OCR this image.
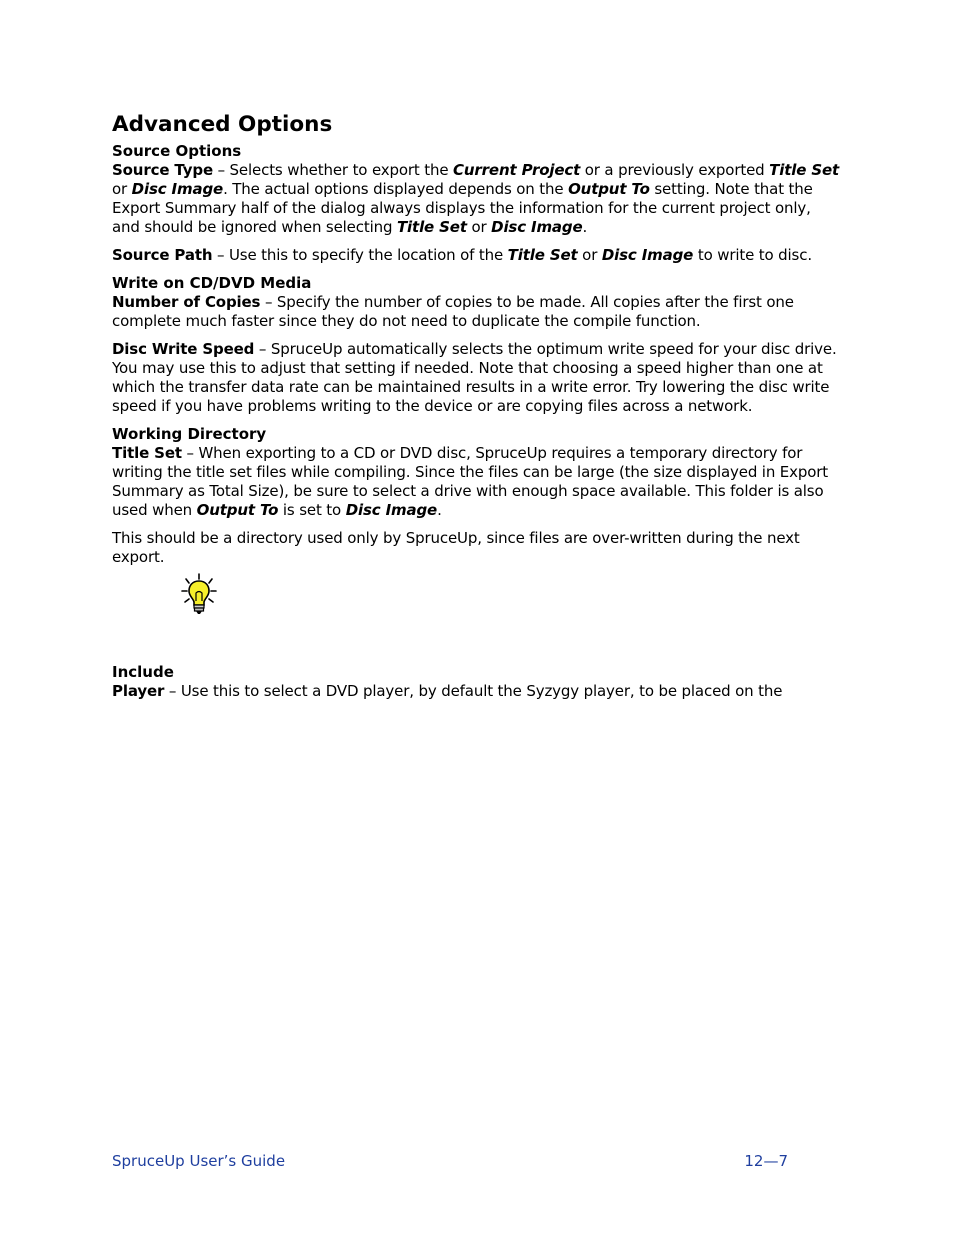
Advanced Options
Source Options

Source Type – Selects whether to export the Current Project or a previously exported Title Set or Disc Image. The actual options displayed depends on the Output To setting. Note that the Export Summary half of the dialog always displays the information for the current project only, and should be ignored when selecting Title Set or Disc Image.

Source Path – Use this to specify the location of the Title Set or Disc Image to write to disc.

Write on CD/DVD Media

Number of Copies – Specify the number of copies to be made. All copies after the first one complete much faster since they do not need to duplicate the compile function.

Disc Write Speed – SpruceUp automatically selects the optimum write speed for your disc drive. You may use this to adjust that setting if needed. Note that choosing a speed higher than one at which the transfer data rate can be maintained results in a write error. Try lowering the disc write speed if you have problems writing to the device or are copying files across a network.

Working Directory

Title Set – When exporting to a CD or DVD disc, SpruceUp requires a temporary directory for writing the title set files while compiling. Since the files can be large (the size displayed in Export Summary as Total Size), be sure to select a drive with enough space available. This folder is also used when Output To is set to Disc Image.

This should be a directory used only by SpruceUp, since files are over-written during the next export.

Include

Player – Use this to select a DVD player, by default the Syzygy player, to be placed on the

SpruceUp User’s Guide	12—7
